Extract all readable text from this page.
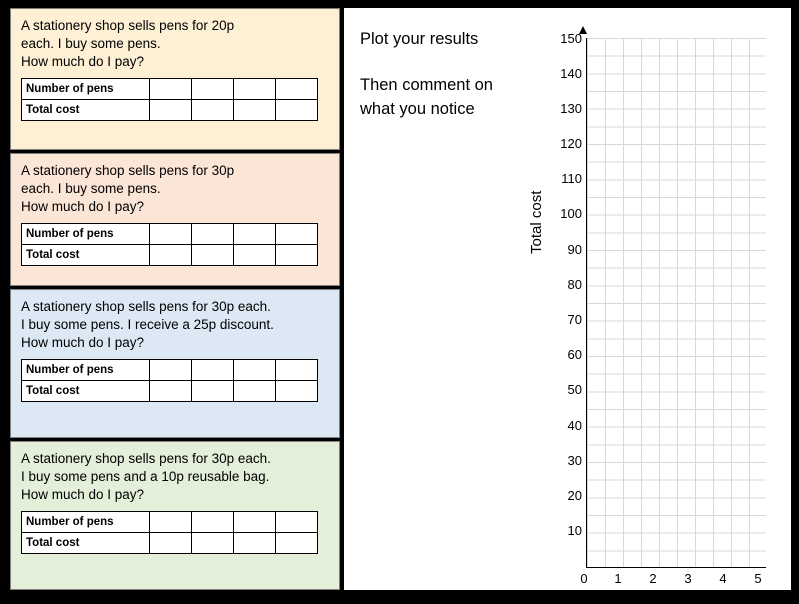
A stationery shop sells pens for 20p
each. I buy some pens.
How much do I pay?
Number of pens				
Total cost				
A stationery shop sells pens for 30p
each. I buy some pens.
How much do I pay?
Number of pens				
Total cost				
A stationery shop sells pens for 30p each.
I buy some pens. I receive a 25p discount.
How much do I pay?
Number of pens				
Total cost				
A stationery shop sells pens for 30p each.
I buy some pens and a 10p reusable bag.
How much do I pay?
Number of pens				
Total cost				
Plot your results
Then comment on
what you notice
Total cost
150
140
130
120
110
100
90
80
70
60
50
40
30
20
10
0	1	2	3	4	5
pens
